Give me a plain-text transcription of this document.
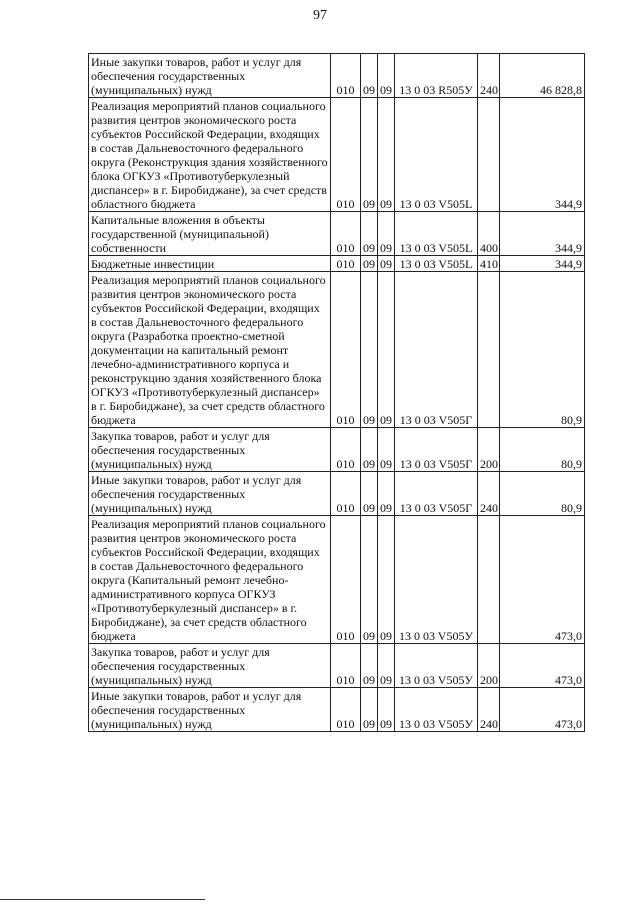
97
Иные закупки товаров, работ и услуг для обеспечения государственных (муниципальных) нужд	010	09	09	13 0 03 R505У	240	46 828,8
Реализация мероприятий планов социального развития центров экономического роста субъектов Российской Федерации, входящих в состав Дальневосточного федерального округа (Реконструкция здания хозяйственного блока ОГКУЗ «Противотуберкулезный диспансер» в г. Биробиджане), за счет средств областного бюджета	010	09	09	13 0 03 V505L		344,9
Капитальные вложения в объекты государственной (муниципальной) собственности	010	09	09	13 0 03 V505L	400	344,9
Бюджетные инвестиции	010	09	09	13 0 03 V505L	410	344,9
Реализация мероприятий планов социального развития центров экономического роста субъектов Российской Федерации, входящих в состав Дальневосточного федерального округа (Разработка проектно-сметной документации на капитальный ремонт лечебно-административного корпуса и реконструкцию здания хозяйственного блока ОГКУЗ «Противотуберкулезный диспансер» в г. Биробиджане), за счет средств областного бюджета	010	09	09	13 0 03 V505Г		80,9
Закупка товаров, работ и услуг для обеспечения государственных (муниципальных) нужд	010	09	09	13 0 03 V505Г	200	80,9
Иные закупки товаров, работ и услуг для обеспечения государственных (муниципальных) нужд	010	09	09	13 0 03 V505Г	240	80,9
Реализация мероприятий планов социального развития центров экономического роста субъектов Российской Федерации, входящих в состав Дальневосточного федерального округа (Капитальный ремонт лечебно-административного корпуса ОГКУЗ «Противотуберкулезный диспансер» в г. Биробиджане), за счет средств областного бюджета	010	09	09	13 0 03 V505У		473,0
Закупка товаров, работ и услуг для обеспечения государственных (муниципальных) нужд	010	09	09	13 0 03 V505У	200	473,0
Иные закупки товаров, работ и услуг для обеспечения государственных (муниципальных) нужд	010	09	09	13 0 03 V505У	240	473,0
